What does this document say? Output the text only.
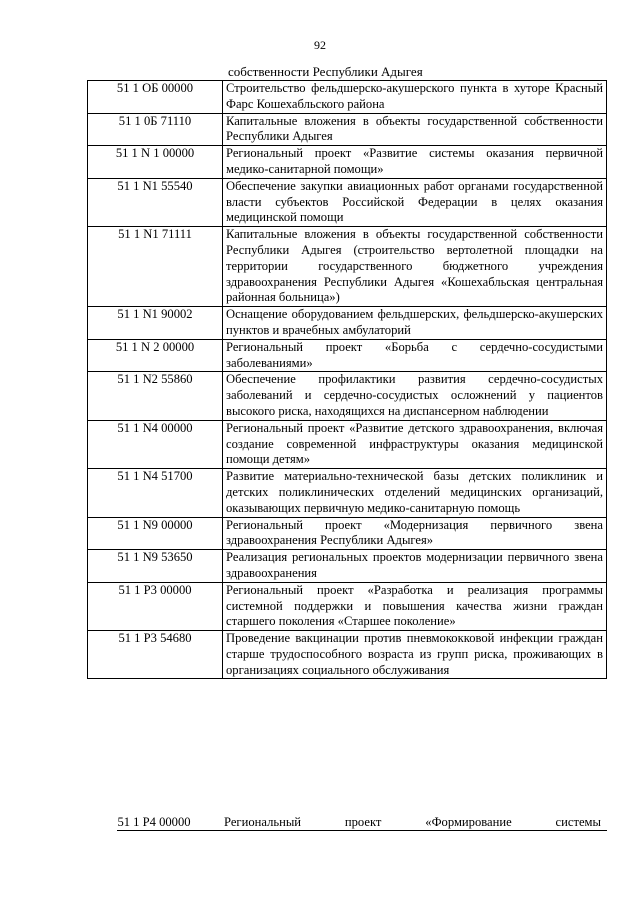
92
собственности Республики Адыгея
51 1 ОБ 00000	Строительство фельдшерско-акушерского пункта в хуторе Красный Фарс Кошехабльского района
51 1 0Б 71110	Капитальные вложения в объекты государственной собственности Республики Адыгея
51 1 N 1 00000	Региональный проект «Развитие системы оказания первичной медико-санитарной помощи»
51 1 N1 55540	Обеспечение закупки авиационных работ органами государственной власти субъектов Российской Федерации в целях оказания медицинской помощи
51 1 N1 71111	Капитальные вложения в объекты государственной собственности Республики Адыгея (строительство вертолетной площадки на территории государственного бюджетного учреждения здравоохранения Республики Адыгея «Кошехабльская центральная районная больница»)
51 1 N1 90002	Оснащение оборудованием фельдшерских, фельдшерско-акушерских пунктов и врачебных амбулаторий
51 1 N 2 00000	Региональный проект «Борьба с сердечно-сосудистыми заболеваниями»
51 1 N2 55860	Обеспечение профилактики развития сердечно-сосудистых заболеваний и сердечно-сосудистых осложнений у пациентов высокого риска, находящихся на диспансерном наблюдении
51 1 N4 00000	Региональный проект «Развитие детского здравоохранения, включая создание современной инфраструктуры оказания медицинской помощи детям»
51 1 N4 51700	Развитие материально-технической базы детских поликлиник и детских поликлинических отделений медицинских организаций, оказывающих первичную медико-санитарную помощь
51 1 N9 00000	Региональный проект «Модернизация первичного звена здравоохранения Республики Адыгея»
51 1 N9 53650	Реализация региональных проектов модернизации первичного звена здравоохранения
51 1 Р3 00000	Региональный проект «Разработка и реализация программы системной поддержки и повышения качества жизни граждан старшего поколения «Старшее поколение»
51 1 Р3 54680	Проведение вакцинации против пневмококковой инфекции граждан старше трудоспособного возраста из групп риска, проживающих в организациях социального обслуживания
51 1 Р4 00000	Региональный проект «Формирование системы
